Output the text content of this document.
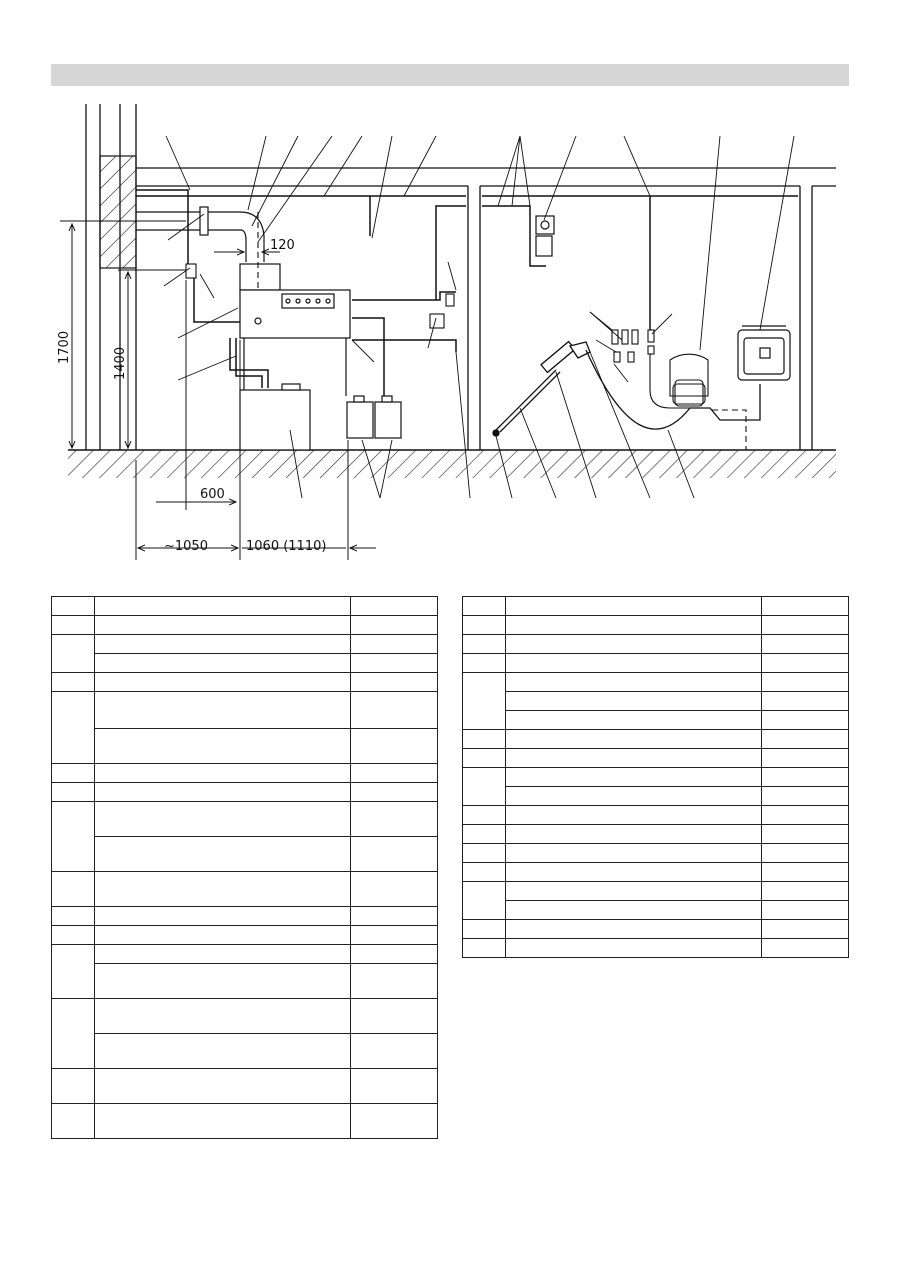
120
600
~1050	1060 (1110)
1700	1400
